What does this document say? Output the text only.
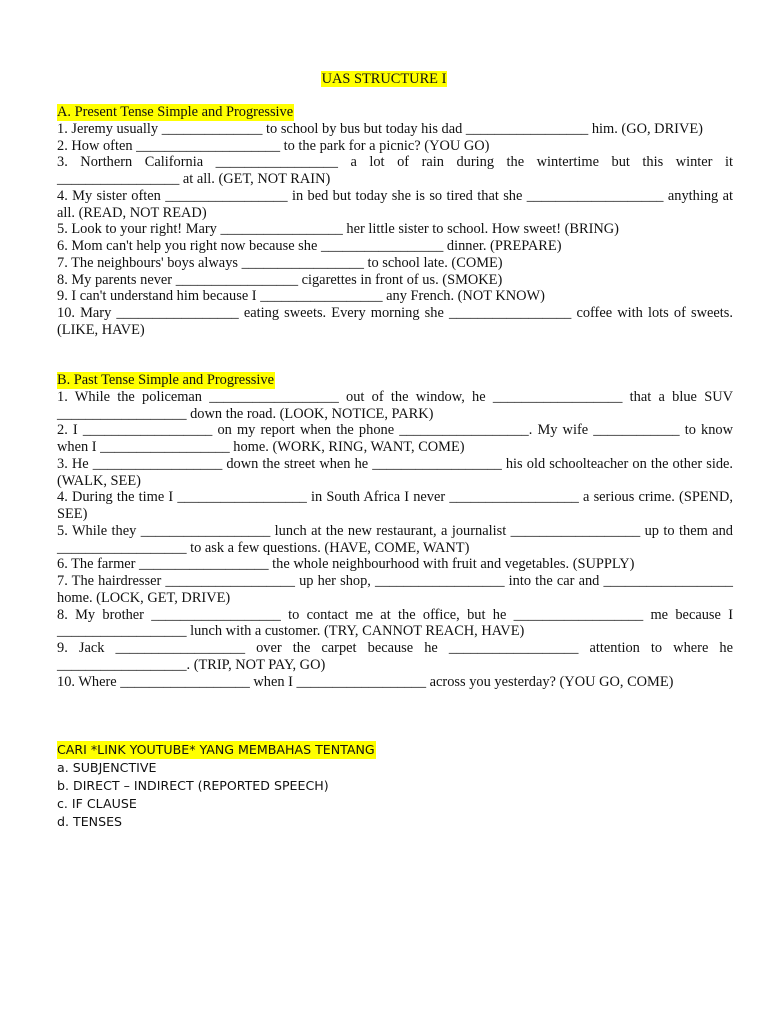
UAS STRUCTURE I
A. Present Tense Simple and Progressive

1. Jeremy usually ______________ to school by bus but today his dad _________________ him. (GO, DRIVE)

2. How often ____________________ to the park for a picnic? (YOU GO)

3. Northern California _________________ a lot of rain during the wintertime but this winter it _________________ at all. (GET, NOT RAIN)

4. My sister often _________________ in bed but today she is so tired that she ___________________ anything at all. (READ, NOT READ)

5. Look to your right! Mary _________________ her little sister to school. How sweet! (BRING)

6. Mom can't help you right now because she _________________ dinner. (PREPARE)

7. The neighbours' boys always _________________ to school late. (COME)

8. My parents never _________________ cigarettes in front of us. (SMOKE)

9. I can't understand him because I _________________ any French. (NOT KNOW)

10. Mary _________________ eating sweets. Every morning she _________________ coffee with lots of sweets. (LIKE, HAVE)

B. Past Tense Simple and Progressive

1. While the policeman __________________ out of the window, he __________________ that a blue SUV __________________ down the road. (LOOK, NOTICE, PARK)

2. I __________________ on my report when the phone __________________. My wife ____________ to know when I __________________ home. (WORK, RING, WANT, COME)

3. He __________________ down the street when he __________________ his old schoolteacher on the other side. (WALK, SEE)

4. During the time I __________________ in South Africa I never __________________ a serious crime. (SPEND, SEE)

5. While they __________________ lunch at the new restaurant, a journalist __________________ up to them and __________________ to ask a few questions. (HAVE, COME, WANT)

6. The farmer __________________ the whole neighbourhood with fruit and vegetables. (SUPPLY)

7. The hairdresser __________________ up her shop, __________________ into the car and __________________ home. (LOCK, GET, DRIVE)

8. My brother __________________ to contact me at the office, but he __________________ me because I __________________ lunch with a customer. (TRY, CANNOT REACH, HAVE)

9. Jack __________________ over the carpet because he __________________ attention to where he __________________. (TRIP, NOT PAY, GO)

10. Where __________________ when I __________________ across you yesterday? (YOU GO, COME)

CARI *LINK YOUTUBE* YANG MEMBAHAS TENTANG

a. SUBJENCTIVE

b. DIRECT – INDIRECT (REPORTED SPEECH)

c. IF CLAUSE

d. TENSES
